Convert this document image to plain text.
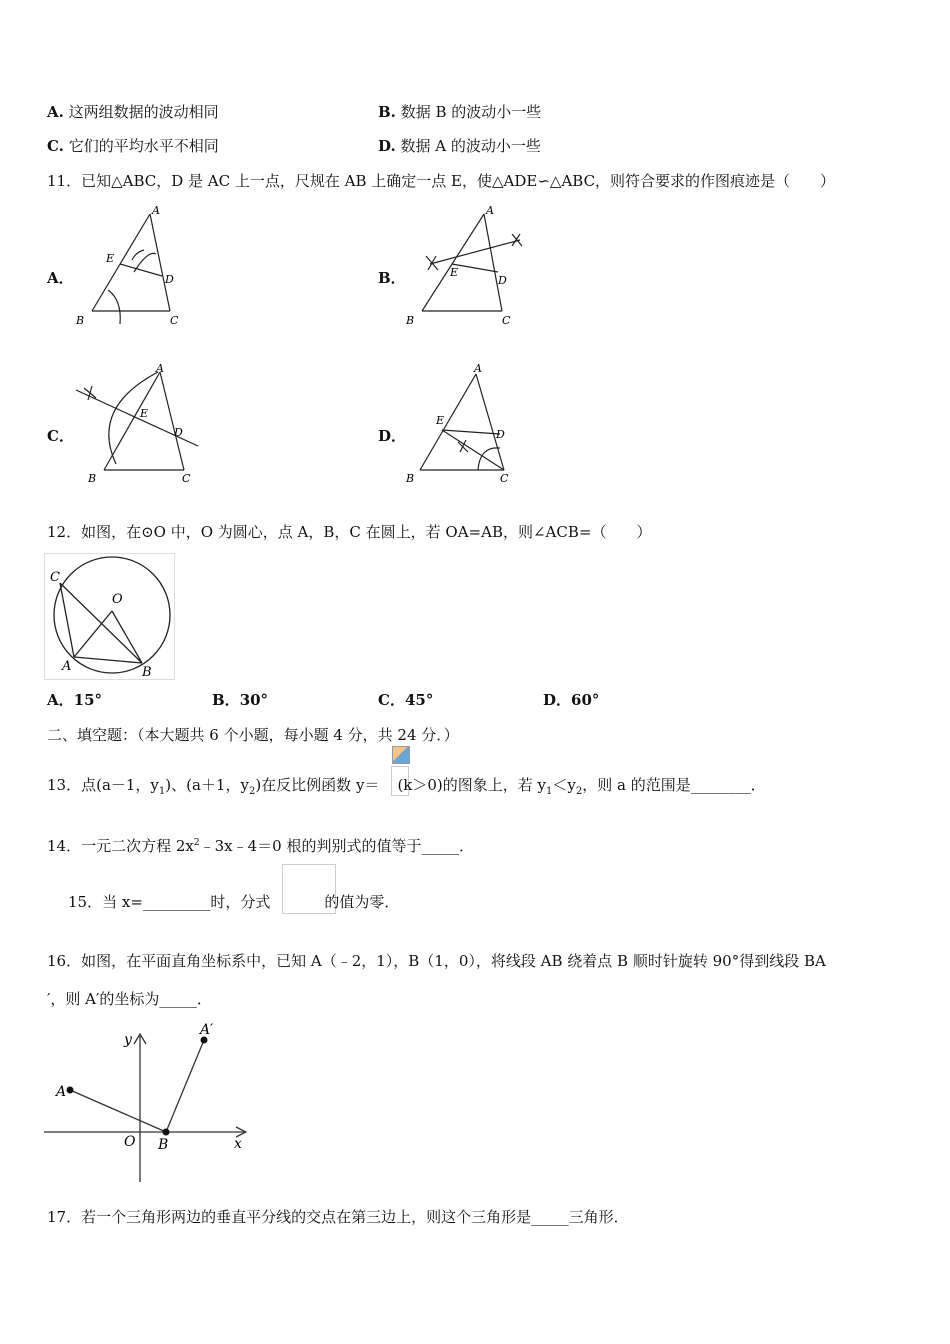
A. 这两组数据的波动相同	B. 数据 B 的波动小一些
C. 它们的平均水平不相同	D. 数据 A 的波动小一些
11．已知△ABC，D 是 AC 上一点，尺规在 AB 上确定一点 E，使△ADE∽△ABC，则符合要求的作图痕迹是（　　）
A．	B．
C．	D．
A
B	C
D
E
A
B	C
D
E
A
B	C
D
E
A
B	C
D
E
12．如图，在⊙O 中，O 为圆心，点 A，B，C 在圆上，若 OA=AB，则∠ACB=（　　）
C
O
A	B
A．15°	B．30°	C．45°	D．60°
二、填空题：（本大题共 6 个小题，每小题 4 分，共 24 分．）
13．点(a－1，$y_1$)、(a＋1，$y_2$)在反比例函数 y＝ (k＞0)的图象上，若 $y_1<y_2$，则 a 的范围是________．
14．一元二次方程 $2x^2﹣3x﹣4=0$ 根的判别式的值等于_____．
15．当 x=_________时，分式	的值为零．
16．如图，在平面直角坐标系中，已知 A（﹣2，1），B（1，0），将线段 AB 绕着点 B 顺时针旋转 90°得到线段 BA
′，则 A′的坐标为_____．
y
x
O
A
B
A′
17．若一个三角形两边的垂直平分线的交点在第三边上，则这个三角形是_____三角形．
